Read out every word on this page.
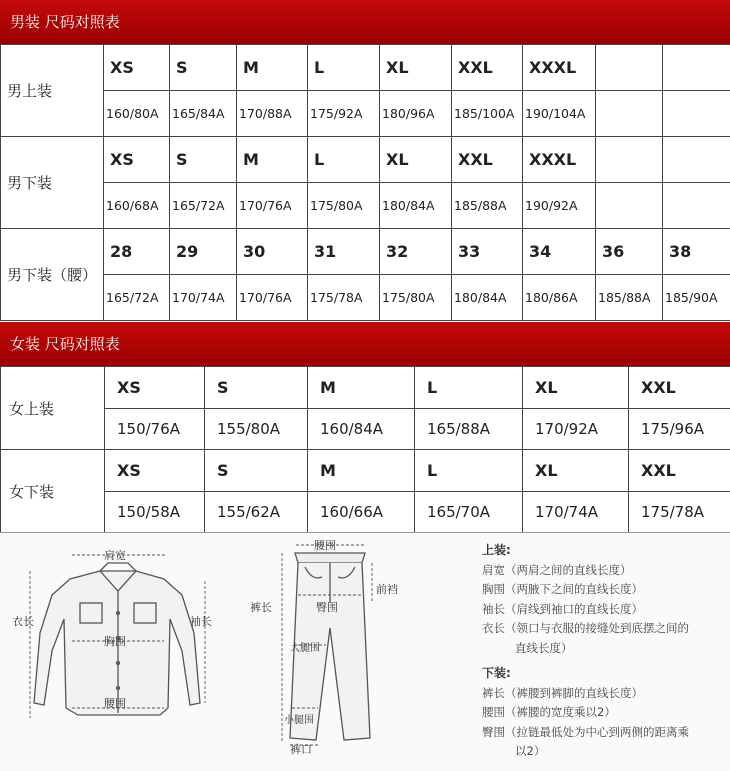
男装 尺码对照表
男上装	XS	S	M	L	XL	XXL	XXXL		
	160/80A	165/84A	170/88A	175/92A	180/96A	185/100A	190/104A		
男下装	XS	S	M	L	XL	XXL	XXXL		
	160/68A	165/72A	170/76A	175/80A	180/84A	185/88A	190/92A		
男下装（腰）	28	29	30	31	32	33	34	36	38
	165/72A	170/74A	170/76A	175/78A	175/80A	180/84A	180/86A	185/88A	185/90A
女装 尺码对照表
女上装	XS	S	M	L	XL	XXL
	150/76A	155/80A	160/84A	165/88A	170/92A	175/96A
女下装	XS	S	M	L	XL	XXL
	150/58A	155/62A	160/66A	165/70A	170/74A	175/78A
肩宽
衣长	袖长
胸围
腰围
腰围
裤长	臀围
前裆
大腿围
小腿围
裤口
上装:
肩宽（两肩之间的直线长度）
胸围（两腋下之间的直线长度）
袖长（肩线到袖口的直线长度）
衣长（领口与衣服的接缝处到底摆之间的
直线长度）
下装:
裤长（裤腰到裤脚的直线长度）
腰围（裤腰的宽度乘以2）
臀围（拉链最低处为中心到两侧的距离乘
以2）
